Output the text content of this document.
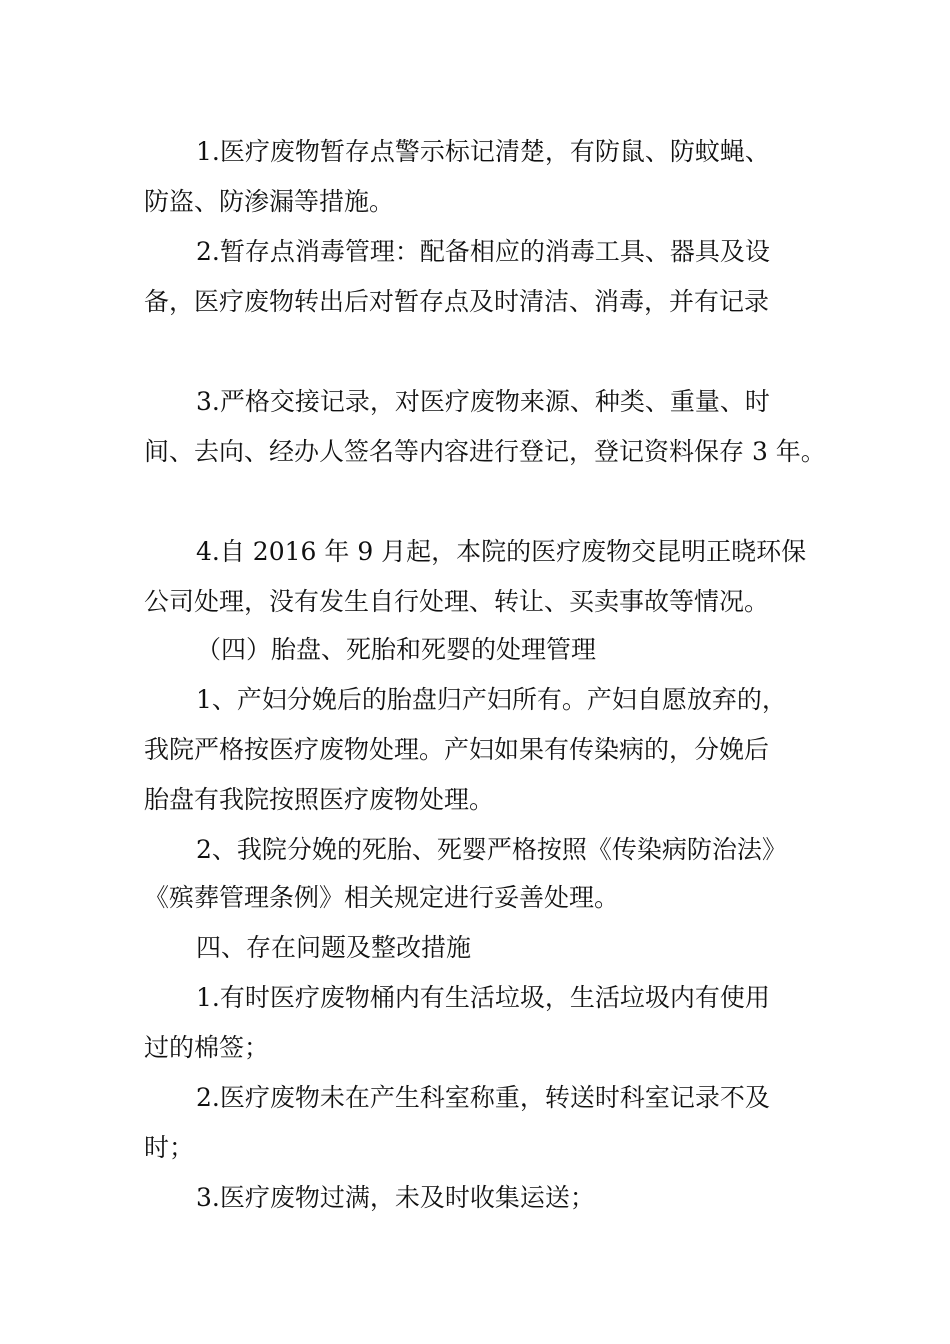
1.医疗废物暂存点警示标记清楚，有防鼠、防蚊蝇、
防盗、防渗漏等措施。
2.暂存点消毒管理：配备相应的消毒工具、器具及设
备，医疗废物转出后对暂存点及时清洁、消毒，并有记录
3.严格交接记录，对医疗废物来源、种类、重量、时
间、去向、经办人签名等内容进行登记，登记资料保存 3 年。
4.自 2016 年 9 月起，本院的医疗废物交昆明正晓环保
公司处理，没有发生自行处理、转让、买卖事故等情况。
（四）胎盘、死胎和死婴的处理管理
1、产妇分娩后的胎盘归产妇所有。产妇自愿放弃的，
我院严格按医疗废物处理。产妇如果有传染病的，分娩后
胎盘有我院按照医疗废物处理。
2、我院分娩的死胎、死婴严格按照《传染病防治法》
《殡葬管理条例》相关规定进行妥善处理。
四、存在问题及整改措施
1.有时医疗废物桶内有生活垃圾，生活垃圾内有使用
过的棉签；
2.医疗废物未在产生科室称重，转送时科室记录不及
时；
3.医疗废物过满，未及时收集运送；
